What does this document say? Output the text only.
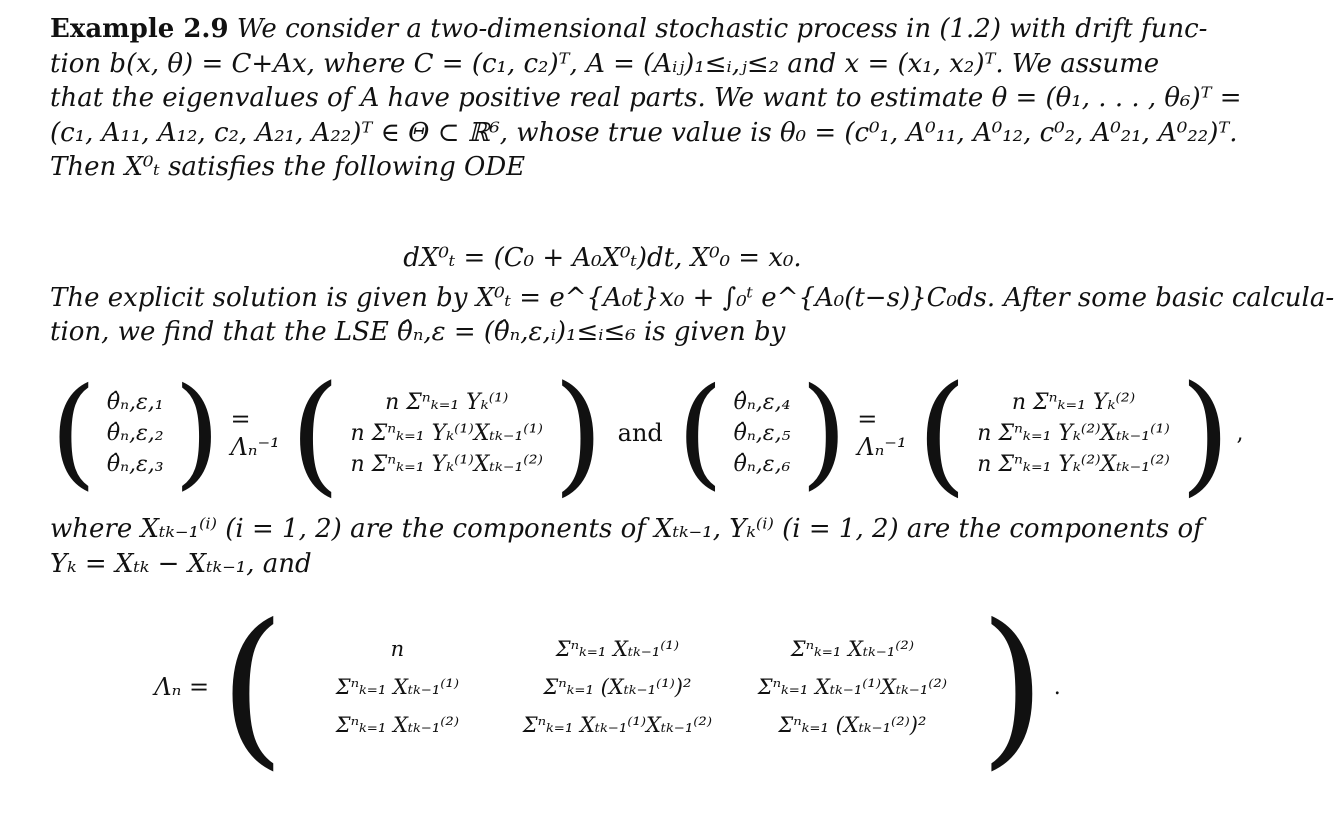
Example 2.9 We consider a two-dimensional stochastic process in (1.2) with drift func-
tion b(x, θ) = C+Ax, where C = (c₁, c₂)ᵀ, A = (Aᵢⱼ)₁≤ᵢ,ⱼ≤₂ and x = (x₁, x₂)ᵀ. We assume
that the eigenvalues of A have positive real parts. We want to estimate θ = (θ₁, . . . , θ₆)ᵀ =
(c₁, A₁₁, A₁₂, c₂, A₂₁, A₂₂)ᵀ ∈ Θ ⊂ ℝ⁶, whose true value is θ₀ = (c⁰₁, A⁰₁₁, A⁰₁₂, c⁰₂, A⁰₂₁, A⁰₂₂)ᵀ.
Then X⁰ₜ satisfies the following ODE

dX⁰ₜ = (C₀ + A₀X⁰ₜ)dt, X⁰₀ = x₀.

The explicit solution is given by X⁰ₜ = e^{A₀t}x₀ + ∫₀ᵗ e^{A₀(t−s)}C₀ds. After some basic calcula-
tion, we find that the LSE θ̂ₙ,ε = (θ̂ₙ,ε,ᵢ)₁≤ᵢ≤₆ is given by

( θ̂ₙ,ε,₁
θ̂ₙ,ε,₂
θ̂ₙ,ε,₃ ) = Λₙ⁻¹ ( n Σⁿₖ₌₁ Yₖ⁽¹⁾
n Σⁿₖ₌₁ Yₖ⁽¹⁾Xₜₖ₋₁⁽¹⁾
n Σⁿₖ₌₁ Yₖ⁽¹⁾Xₜₖ₋₁⁽²⁾ ) and ( θ̂ₙ,ε,₄
θ̂ₙ,ε,₅
θ̂ₙ,ε,₆ ) = Λₙ⁻¹ ( n Σⁿₖ₌₁ Yₖ⁽²⁾
n Σⁿₖ₌₁ Yₖ⁽²⁾Xₜₖ₋₁⁽¹⁾
n Σⁿₖ₌₁ Yₖ⁽²⁾Xₜₖ₋₁⁽²⁾ ) ,

where Xₜₖ₋₁⁽ⁱ⁾ (i = 1, 2) are the components of Xₜₖ₋₁, Yₖ⁽ⁱ⁾ (i = 1, 2) are the components of
Yₖ = Xₜₖ − Xₜₖ₋₁, and

Λₙ = (	n	Σⁿₖ₌₁ Xₜₖ₋₁⁽¹⁾	Σⁿₖ₌₁ Xₜₖ₋₁⁽²⁾
Σⁿₖ₌₁ Xₜₖ₋₁⁽¹⁾	Σⁿₖ₌₁ (Xₜₖ₋₁⁽¹⁾)²	Σⁿₖ₌₁ Xₜₖ₋₁⁽¹⁾Xₜₖ₋₁⁽²⁾
Σⁿₖ₌₁ Xₜₖ₋₁⁽²⁾	Σⁿₖ₌₁ Xₜₖ₋₁⁽¹⁾Xₜₖ₋₁⁽²⁾	Σⁿₖ₌₁ (Xₜₖ₋₁⁽²⁾)² ) .
